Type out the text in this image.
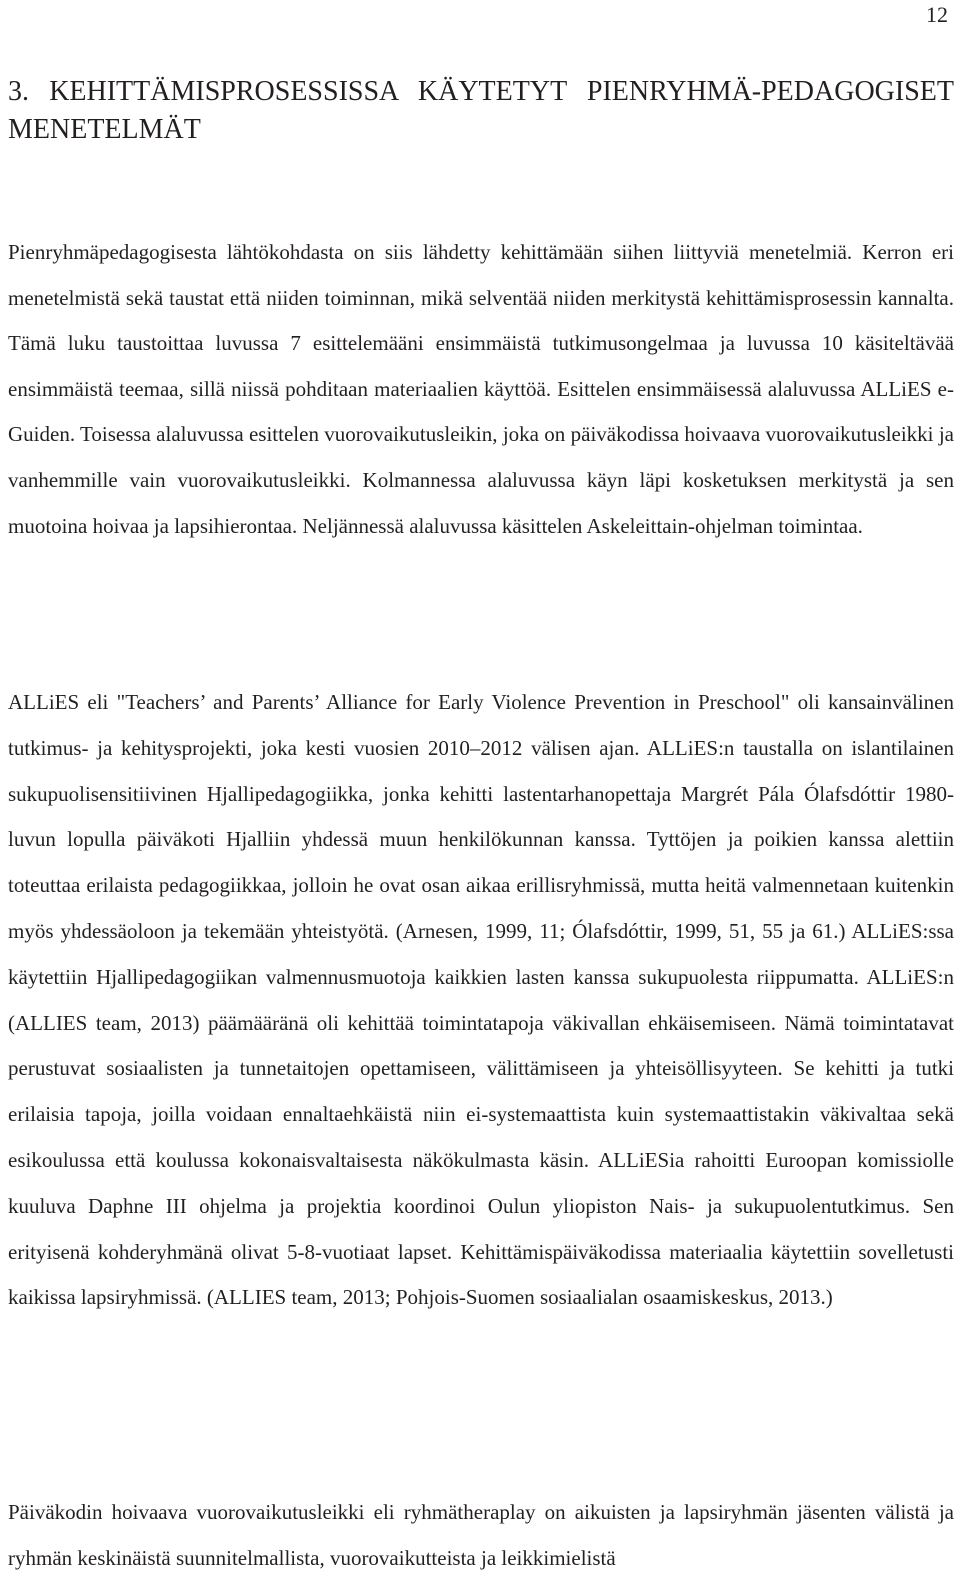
12
3. KEHITTÄMISPROSESSISSA KÄYTETYT PIENRYHMÄ-PEDAGOGISET MENETELMÄT

Pienryhmäpedagogisesta lähtökohdasta on siis lähdetty kehittämään siihen liittyviä menetelmiä. Kerron eri menetelmistä sekä taustat että niiden toiminnan, mikä selventää niiden merkitystä kehittämisprosessin kannalta. Tämä luku taustoittaa luvussa 7 esittelemääni ensimmäistä tutkimusongelmaa ja luvussa 10 käsiteltävää ensimmäistä teemaa, sillä niissä pohditaan materiaalien käyttöä. Esittelen ensimmäisessä alaluvussa ALLiES e-Guiden. Toisessa alaluvussa esittelen vuorovaikutusleikin, joka on päiväkodissa hoivaava vuorovaikutusleikki ja vanhemmille vain vuorovaikutusleikki. Kolmannessa alaluvussa käyn läpi kosketuksen merkitystä ja sen muotoina hoivaa ja lapsihierontaa. Neljännessä alaluvussa käsittelen Askeleittain-ohjelman toimintaa.

ALLiES eli "Teachers’ and Parents’ Alliance for Early Violence Prevention in Preschool" oli kansainvälinen tutkimus- ja kehitysprojekti, joka kesti vuosien 2010–2012 välisen ajan. ALLiES:n taustalla on islantilainen sukupuolisensitiivinen Hjallipedagogiikka, jonka kehitti lastentarhanopettaja Margrét Pála Ólafsdóttir 1980-luvun lopulla päiväkoti Hjalliin yhdessä muun henkilökunnan kanssa. Tyttöjen ja poikien kanssa alettiin toteuttaa erilaista pedagogiikkaa, jolloin he ovat osan aikaa erillisryhmissä, mutta heitä valmennetaan kuitenkin myös yhdessäoloon ja tekemään yhteistyötä. (Arnesen, 1999, 11; Ólafsdóttir, 1999, 51, 55 ja 61.) ALLiES:ssa käytettiin Hjallipedagogiikan valmennusmuotoja kaikkien lasten kanssa sukupuolesta riippumatta. ALLiES:n (ALLIES team, 2013) päämääränä oli kehittää toimintatapoja väkivallan ehkäisemiseen. Nämä toimintatavat perustuvat sosiaalisten ja tunnetaitojen opettamiseen, välittämiseen ja yhteisöllisyyteen. Se kehitti ja tutki erilaisia tapoja, joilla voidaan ennaltaehkäistä niin ei-systemaattista kuin systemaattistakin väkivaltaa sekä esikoulussa että koulussa kokonaisvaltaisesta näkökulmasta käsin. ALLiESia rahoitti Euroopan komissiolle kuuluva Daphne III ohjelma ja projektia koordinoi Oulun yliopiston Nais- ja sukupuolentutkimus. Sen erityisenä kohderyhmänä olivat 5-8-vuotiaat lapset. Kehittämispäiväkodissa materiaalia käytettiin sovelletusti kaikissa lapsiryhmissä. (ALLIES team, 2013; Pohjois-Suomen sosiaalialan osaamiskeskus, 2013.)

Päiväkodin hoivaava vuorovaikutusleikki eli ryhmätheraplay on aikuisten ja lapsiryhmän jäsenten välistä ja ryhmän keskinäistä suunnitelmallista, vuorovaikutteista ja leikkimielistä
